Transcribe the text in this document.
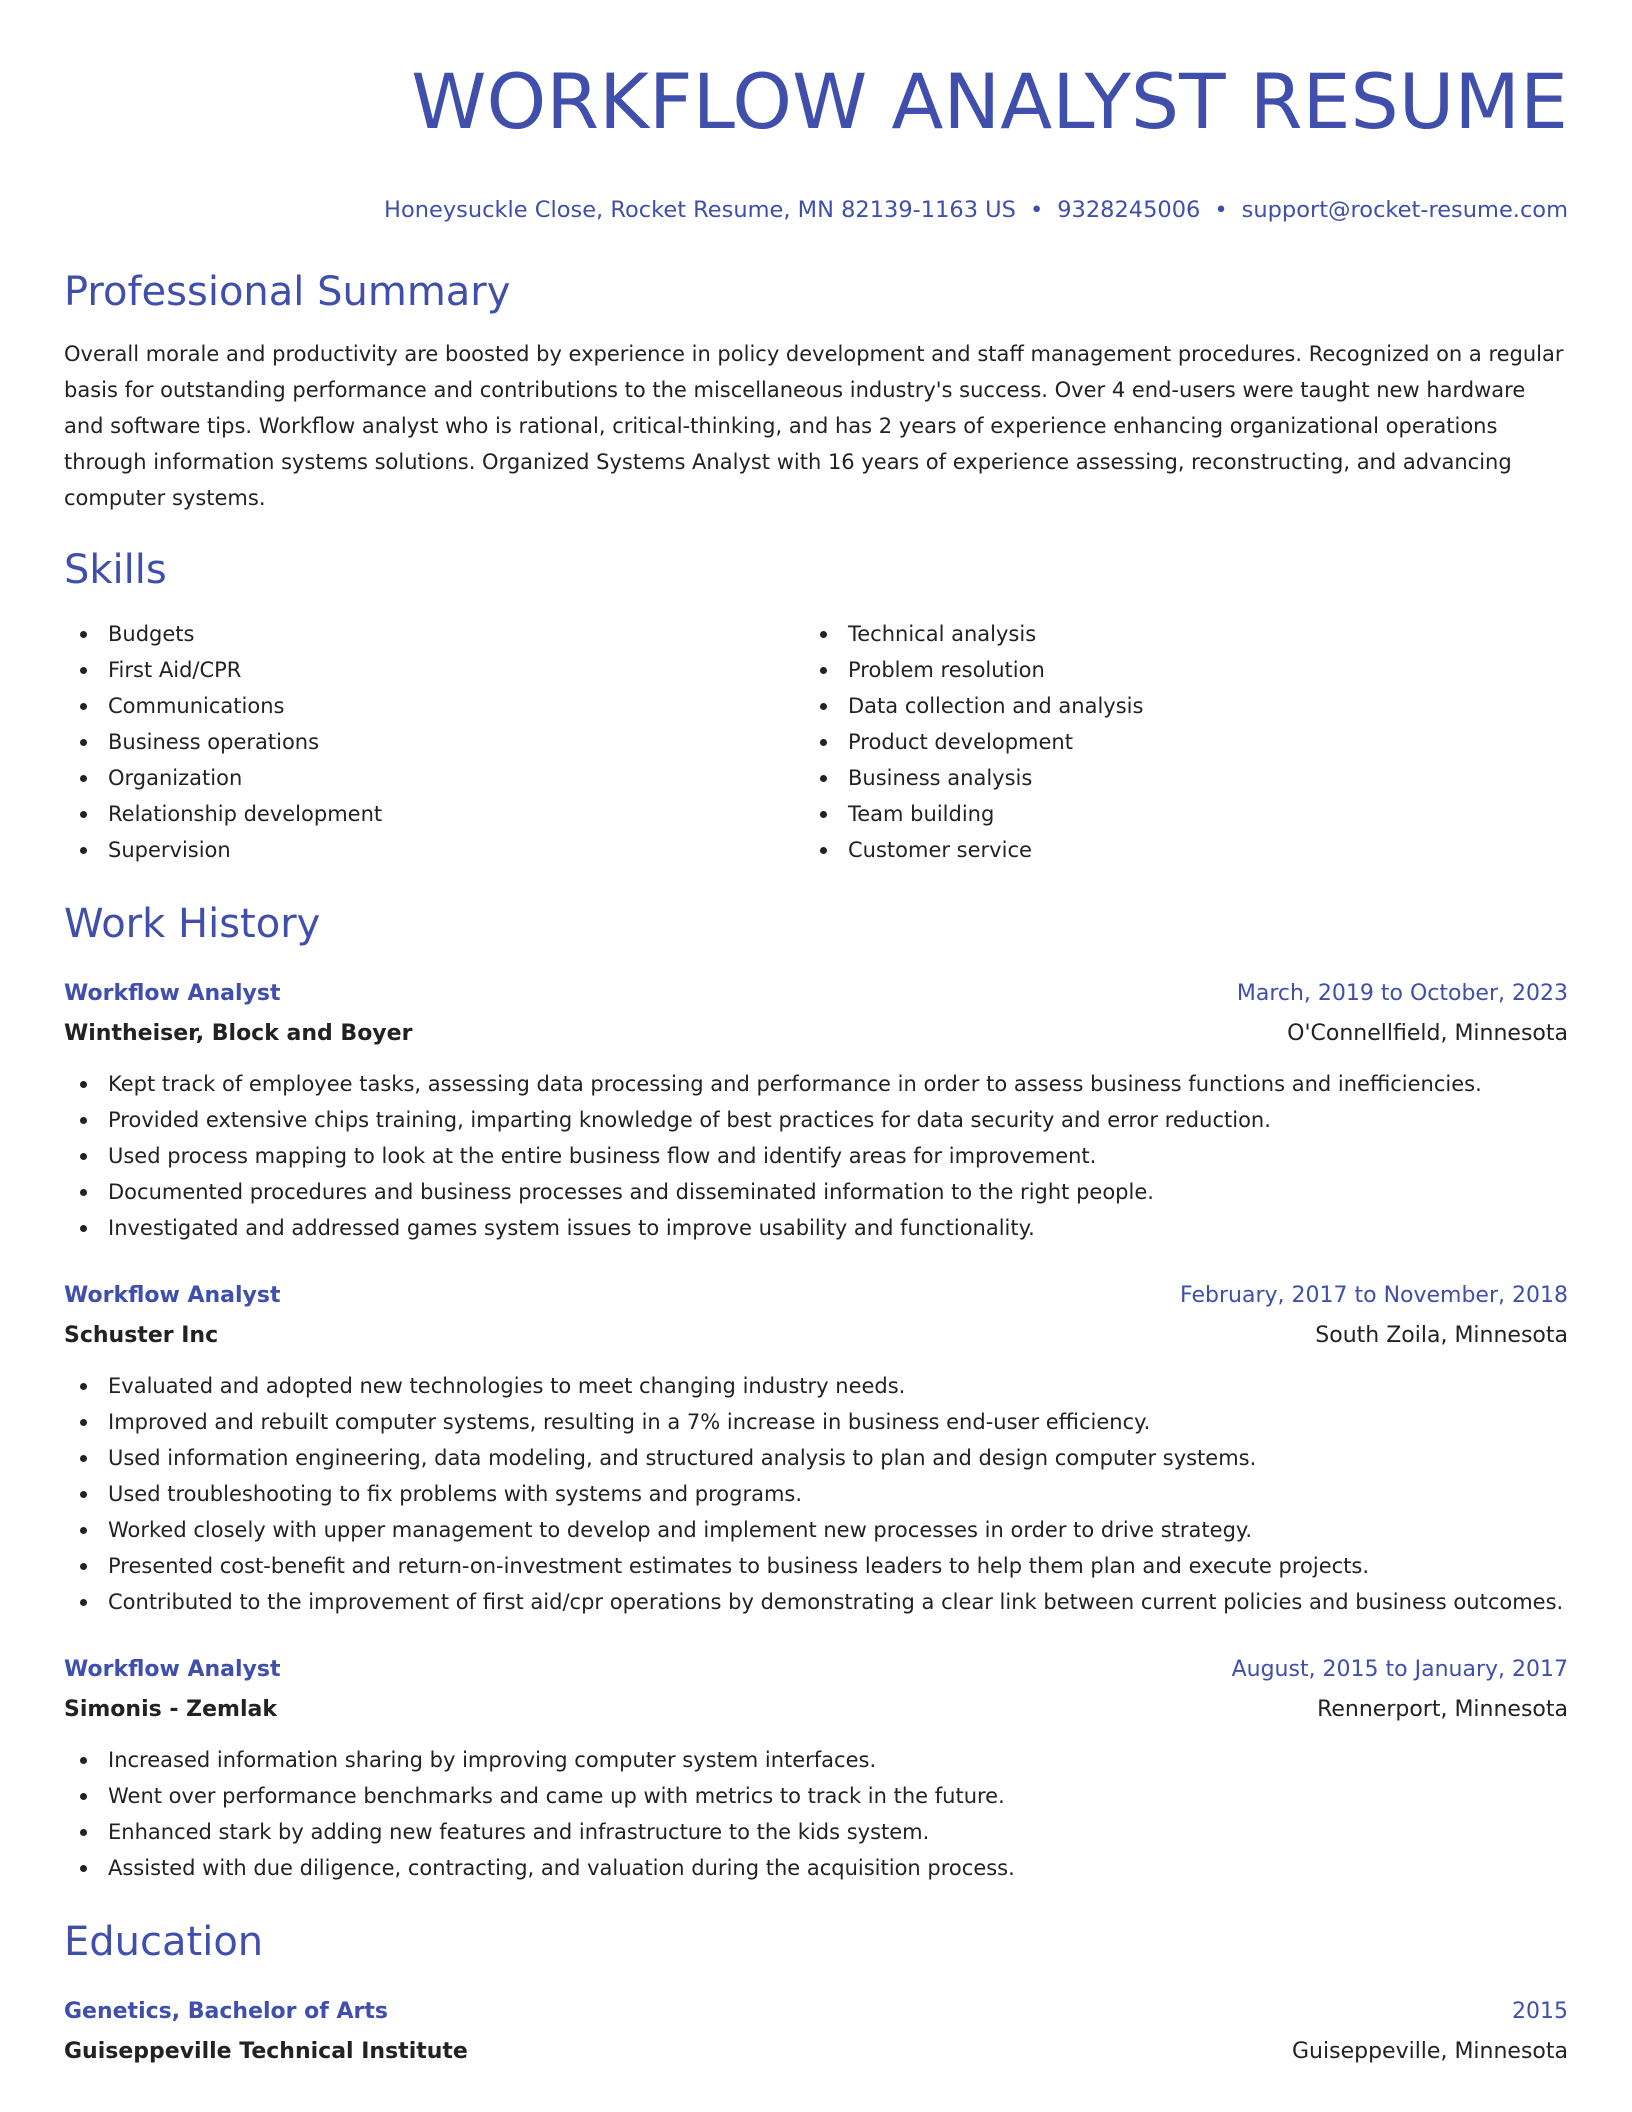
WORKFLOW ANALYST RESUME
Honeysuckle Close, Rocket Resume, MN 82139-1163 US • 9328245006 • support@rocket-resume.com
Professional Summary
Overall morale and productivity are boosted by experience in policy development and staff management procedures. Recognized on a regular basis for outstanding performance and contributions to the miscellaneous industry's success. Over 4 end-users were taught new hardware and software tips. Workflow analyst who is rational, critical-thinking, and has 2 years of experience enhancing organizational operations through information systems solutions. Organized Systems Analyst with 16 years of experience assessing, reconstructing, and advancing computer systems.
Skills
Budgets
First Aid/CPR
Communications
Business operations
Organization
Relationship development
Supervision
Technical analysis
Problem resolution
Data collection and analysis
Product development
Business analysis
Team building
Customer service
Work History
Workflow Analyst	March, 2019 to October, 2023
Wintheiser, Block and Boyer	O'Connellfield, Minnesota
Kept track of employee tasks, assessing data processing and performance in order to assess business functions and inefficiencies.
Provided extensive chips training, imparting knowledge of best practices for data security and error reduction.
Used process mapping to look at the entire business flow and identify areas for improvement.
Documented procedures and business processes and disseminated information to the right people.
Investigated and addressed games system issues to improve usability and functionality.
Workflow Analyst	February, 2017 to November, 2018
Schuster Inc	South Zoila, Minnesota
Evaluated and adopted new technologies to meet changing industry needs.
Improved and rebuilt computer systems, resulting in a 7% increase in business end-user efficiency.
Used information engineering, data modeling, and structured analysis to plan and design computer systems.
Used troubleshooting to fix problems with systems and programs.
Worked closely with upper management to develop and implement new processes in order to drive strategy.
Presented cost-benefit and return-on-investment estimates to business leaders to help them plan and execute projects.
Contributed to the improvement of first aid/cpr operations by demonstrating a clear link between current policies and business outcomes.
Workflow Analyst	August, 2015 to January, 2017
Simonis - Zemlak	Rennerport, Minnesota
Increased information sharing by improving computer system interfaces.
Went over performance benchmarks and came up with metrics to track in the future.
Enhanced stark by adding new features and infrastructure to the kids system.
Assisted with due diligence, contracting, and valuation during the acquisition process.
Education
Genetics, Bachelor of Arts	2015
Guiseppeville Technical Institute	Guiseppeville, Minnesota
